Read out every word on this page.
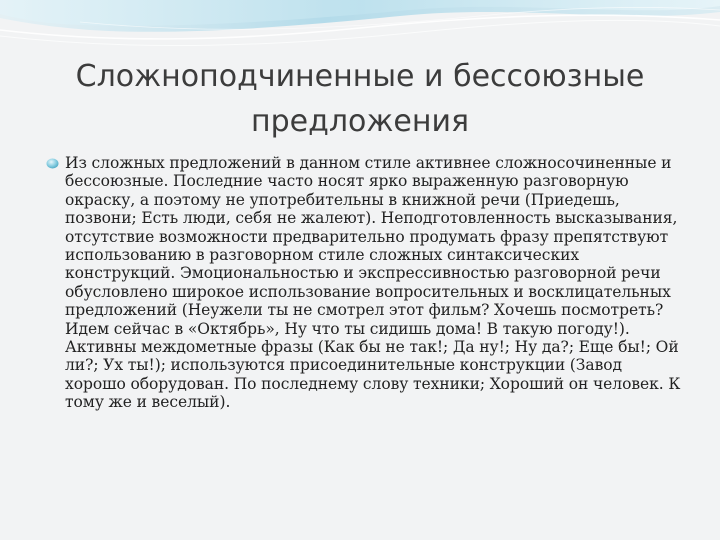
Сложноподчиненные и бессоюзные предложения

Из сложных предложений в данном стиле активнее сложносочиненные и бессоюзные. Последние часто носят ярко выраженную разговорную окраску, а поэтому не употребительны в книжной речи (Приедешь, позвони; Есть люди, себя не жалеют). Неподготовленность высказывания, отсутствие возможности предварительно продумать фразу препятствуют использованию в разговорном стиле сложных синтаксических конструкций. Эмоциональностью и экспрессивностью разговорной речи обусловлено широкое использование вопросительных и восклицательных предложений (Неужели ты не смотрел этот фильм? Хочешь посмотреть? Идем сейчас в «Октябрь», Ну что ты сидишь дома! В такую погоду!). Активны междометные фразы (Как бы не так!; Да ну!; Ну да?; Еще бы!; Ой ли?; Ух ты!); используются присоединительные конструкции (Завод хорошо оборудован. По последнему слову техники; Хороший он человек. К тому же и веселый).
